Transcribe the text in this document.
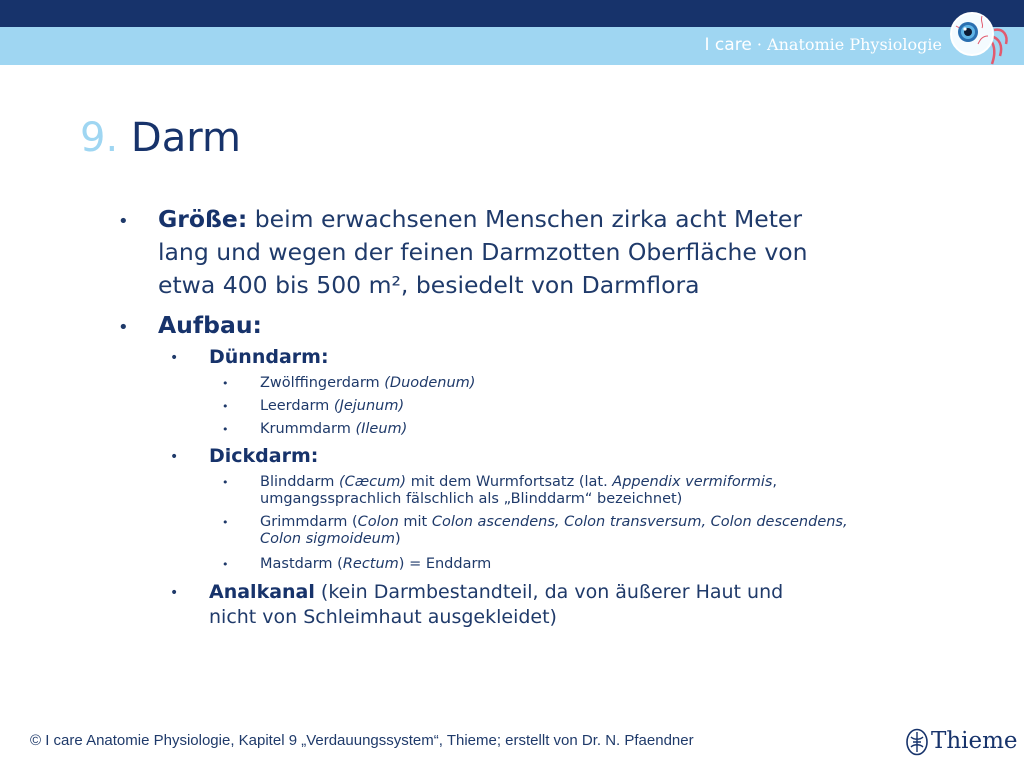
I care · Anatomie Physiologie
9. Darm
• Größe: beim erwachsenen Menschen zirka acht Meter
lang und wegen der feinen Darmzotten Oberfläche von
etwa 400 bis 500 m², besiedelt von Darmflora
• Aufbau:
• Dünndarm:
• Zwölffingerdarm (Duodenum)
• Leerdarm (Jejunum)
• Krummdarm (Ileum)
• Dickdarm:
• Blinddarm (Cæcum) mit dem Wurmfortsatz (lat. Appendix vermiformis,
umgangssprachlich fälschlich als „Blinddarm“ bezeichnet)
• Grimmdarm (Colon mit Colon ascendens, Colon transversum, Colon descendens,
Colon sigmoideum)
• Mastdarm (Rectum) = Enddarm
• Analkanal (kein Darmbestandteil, da von äußerer Haut und
nicht von Schleimhaut ausgekleidet)
© I care Anatomie Physiologie, Kapitel 9 „Verdauungssystem“, Thieme; erstellt von Dr. N. Pfaendner	Thieme
